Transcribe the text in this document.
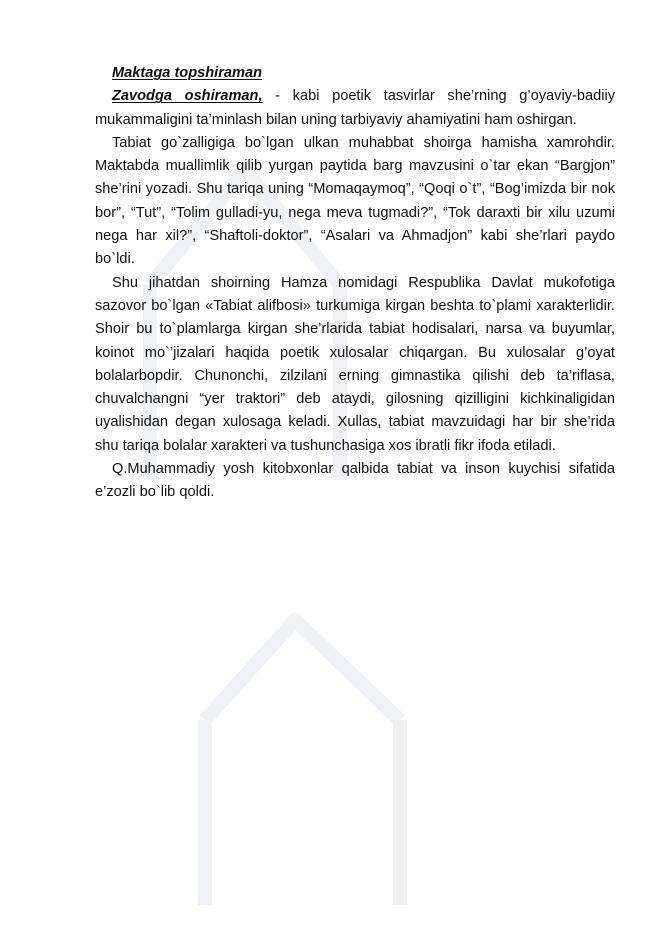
Maktaga topshiraman

Zavodga oshiraman, - kabi poetik tasvirlar she’rning g’oyaviy-badiiy mukammaligini ta’minlash bilan uning tarbiyaviy ahamiyatini ham oshirgan.

Tabiat go`zalligiga bo`lgan ulkan muhabbat shoirga hamisha xamrohdir. Maktabda muallimlik qilib yurgan paytida barg mavzusini o`tar ekan “Bargjon” she’rini yozadi. Shu tariqa uning “Momaqaymoq”, “Qoqi o`t”, “Bog’imizda bir nok bor”, “Tut”, “Tolim gulladi-yu, nega meva tugmadi?”, “Tok daraxti bir xilu uzumi nega har xil?”, “Shaftoli-doktor”, “Asalari va Ahmadjon” kabi she’rlari paydo bo`ldi.

Shu jihatdan shoirning Hamza nomidagi Respublika Davlat mukofotiga sazovor bo`lgan «Tabiat alifbosi» turkumiga kirgan beshta to`plami xarakterlidir. Shoir bu to`plamlarga kirgan she’rlarida tabiat hodisalari, narsa va buyumlar, koinot mo`’jizalari haqida poetik xulosalar chiqargan. Bu xulosalar g’oyat bolalarbopdir. Chunonchi, zilzilani erning gimnastika qilishi deb ta’riflasa, chuvalchangni “yer traktori” deb ataydi, gilosning qizilligini kichkinaligidan uyalishidan degan xulosaga keladi. Xullas, tabiat mavzuidagi har bir she’rida shu tariqa bolalar xarakteri va tushunchasiga xos ibratli fikr ifoda etiladi.

Q.Muhammadiy yosh kitobxonlar qalbida tabiat va inson kuychisi sifatida e’zozli bo`lib qoldi.
